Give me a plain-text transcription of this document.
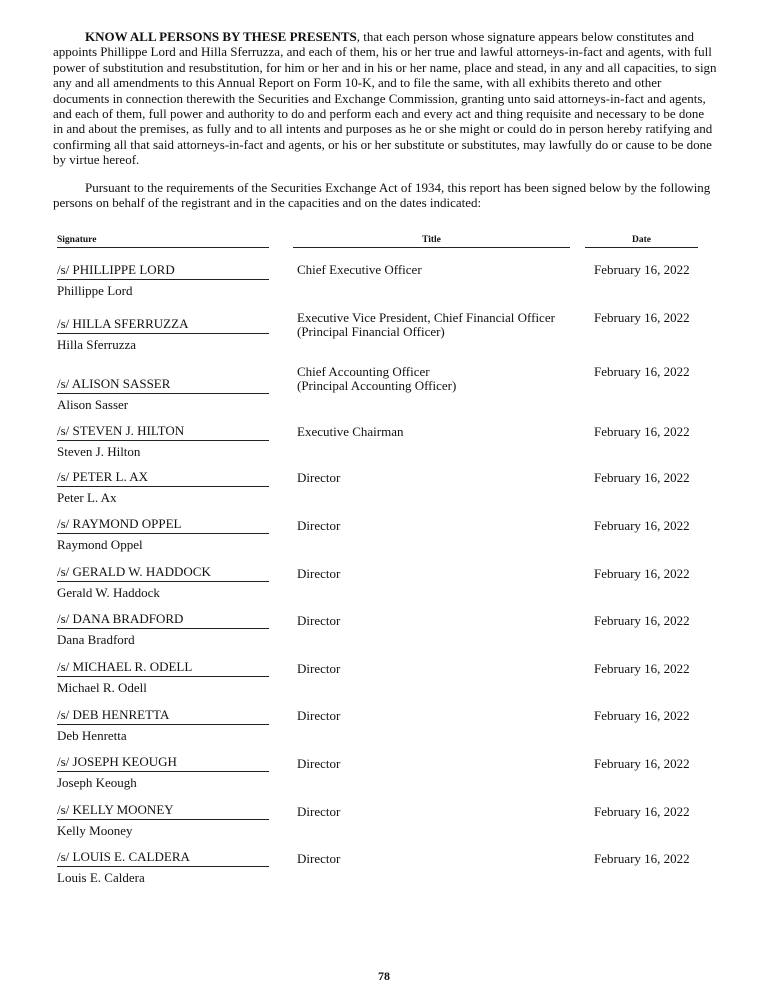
KNOW ALL PERSONS BY THESE PRESENTS, that each person whose signature appears below constitutes and appoints Phillippe Lord and Hilla Sferruzza, and each of them, his or her true and lawful attorneys-in-fact and agents, with full power of substitution and resubstitution, for him or her and in his or her name, place and stead, in any and all capacities, to sign any and all amendments to this Annual Report on Form 10-K, and to file the same, with all exhibits thereto and other documents in connection therewith the Securities and Exchange Commission, granting unto said attorneys-in-fact and agents, and each of them, full power and authority to do and perform each and every act and thing requisite and necessary to be done in and about the premises, as fully and to all intents and purposes as he or she might or could do in person hereby ratifying and confirming all that said attorneys-in-fact and agents, or his or her substitute or substitutes, may lawfully do or cause to be done by virtue hereof.

Pursuant to the requirements of the Securities Exchange Act of 1934, this report has been signed below by the following persons on behalf of the registrant and in the capacities and on the dates indicated:

Signature	Title	Date
/s/ PHILLIPPE LORD
Phillippe Lord
Chief Executive Officer	February 16, 2022
/s/ HILLA SFERRUZZA
Hilla Sferruzza
Executive Vice President, Chief Financial Officer
(Principal Financial Officer)
February 16, 2022
/s/ ALISON SASSER
Alison Sasser
Chief Accounting Officer
(Principal Accounting Officer)
February 16, 2022
/s/ STEVEN J. HILTON
Steven J. Hilton
Executive Chairman	February 16, 2022
/s/ PETER L. AX
Peter L. Ax
Director	February 16, 2022
/s/ RAYMOND OPPEL
Raymond Oppel
Director	February 16, 2022
/s/ GERALD W. HADDOCK
Gerald W. Haddock
Director	February 16, 2022
/s/ DANA BRADFORD
Dana Bradford
Director	February 16, 2022
/s/ MICHAEL R. ODELL
Michael R. Odell
Director	February 16, 2022
/s/ DEB HENRETTA
Deb Henretta
Director	February 16, 2022
/s/ JOSEPH KEOUGH
Joseph Keough
Director	February 16, 2022
/s/ KELLY MOONEY
Kelly Mooney
Director	February 16, 2022
/s/ LOUIS E. CALDERA
Louis E. Caldera
Director	February 16, 2022
78
